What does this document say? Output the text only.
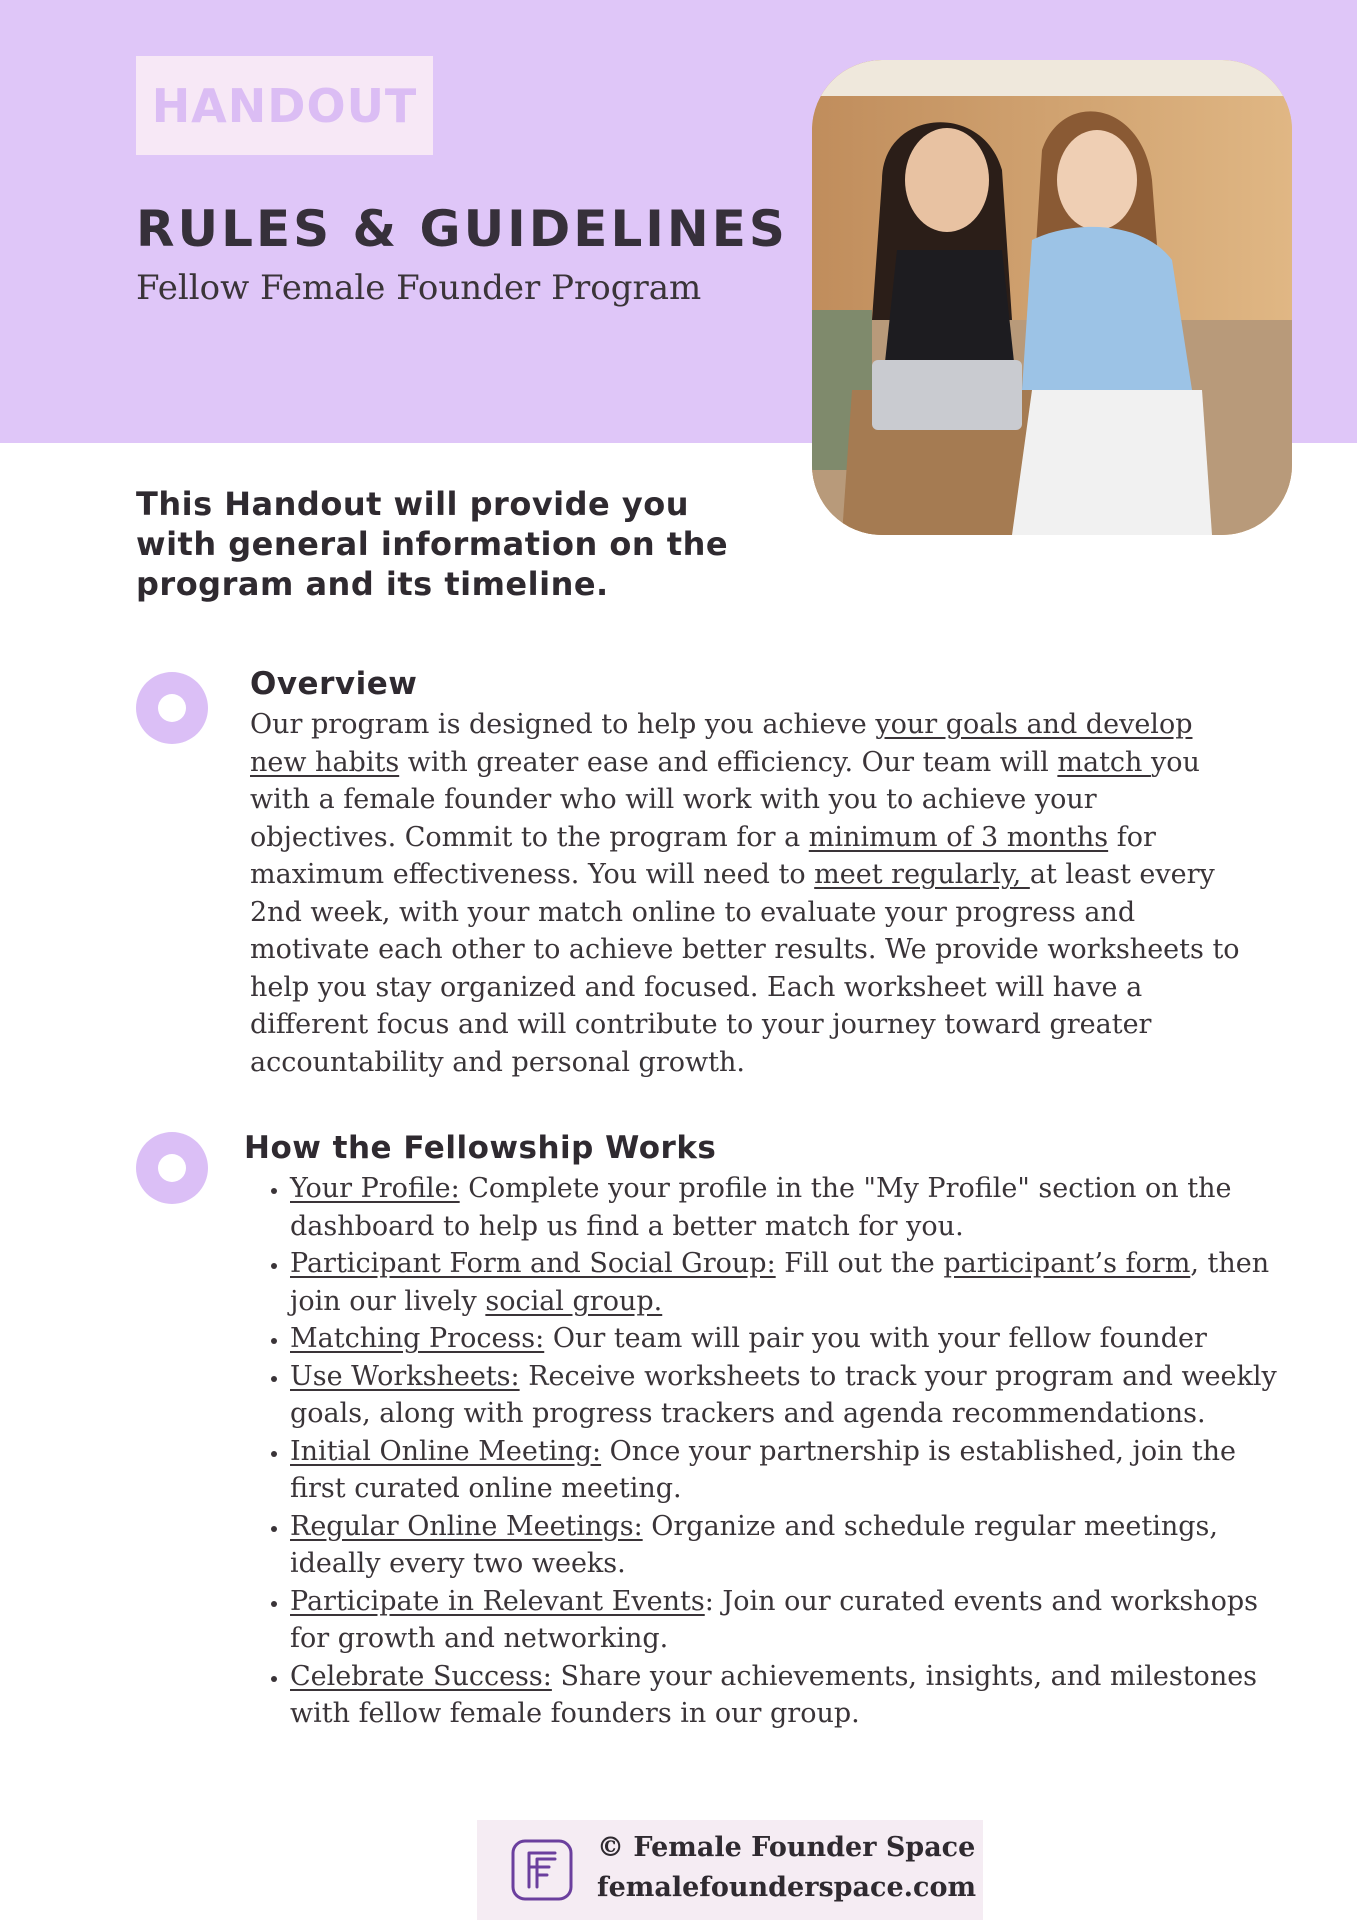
HANDOUT
RULES & GUIDELINES

Fellow Female Founder Program

This Handout will provide you with general information on the program and its timeline.

Overview

Our program is designed to help you achieve your goals and develop new habits with greater ease and efficiency. Our team will match you with a female founder who will work with you to achieve your objectives. Commit to the program for a minimum of 3 months for maximum effectiveness. You will need to meet regularly, at least every 2nd week, with your match online to evaluate your progress and motivate each other to achieve better results. We provide worksheets to help you stay organized and focused. Each worksheet will have a different focus and will contribute to your journey toward greater accountability and personal growth.

How the Fellowship Works
• Your Profile: Complete your profile in the "My Profile" section on the dashboard to help us find a better match for you.
• Participant Form and Social Group: Fill out the participant’s form, then join our lively social group.
• Matching Process: Our team will pair you with your fellow founder
• Use Worksheets: Receive worksheets to track your program and weekly goals, along with progress trackers and agenda recommendations.
• Initial Online Meeting: Once your partnership is established, join the first curated online meeting.
• Regular Online Meetings: Organize and schedule regular meetings, ideally every two weeks.
• Participate in Relevant Events: Join our curated events and workshops for growth and networking.
• Celebrate Success: Share your achievements, insights, and milestones with fellow female founders in our group.

© Female Founder Space

femalefounderspace.com
